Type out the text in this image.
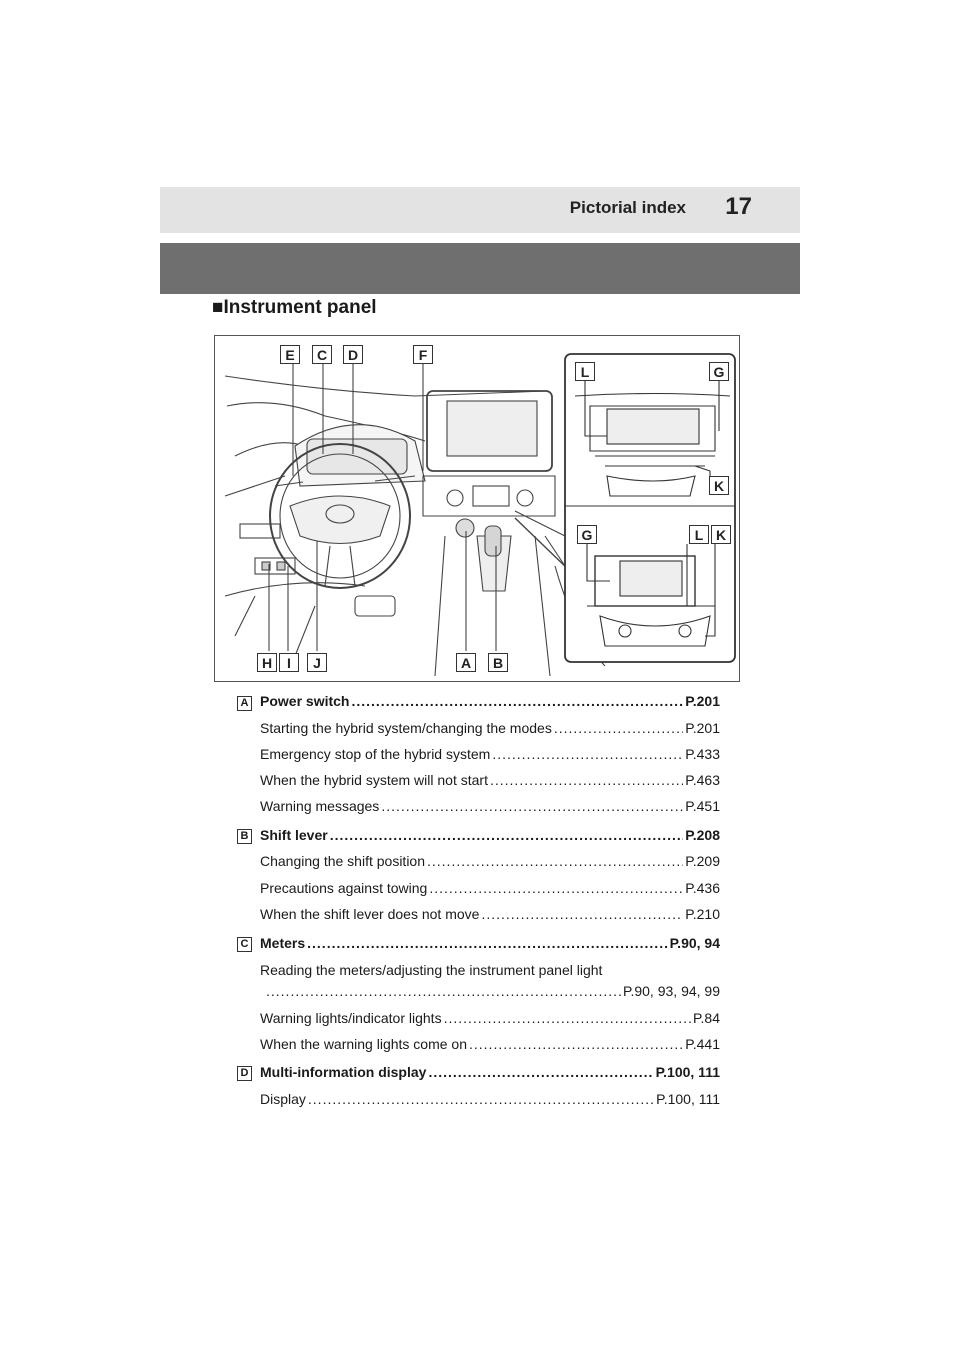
Pictorial index 17
■Instrument panel
E	C	D	F
H	I	J	A	B
L	G
K
G	L K
A Power switch .....	P.201
Starting the hybrid system/changing the modes .....	P.201
Emergency stop of the hybrid system .....	P.433
When the hybrid system will not start .....	P.463
Warning messages .....	P.451
B Shift lever .....	P.208
Changing the shift position .....	P.209
Precautions against towing .....	P.436
When the shift lever does not move .....	P.210
C Meters .....	P.90, 94
Reading the meters/adjusting the instrument panel light
.....
P.90, 93, 94, 99
Warning lights/indicator lights .....	P.84
When the warning lights come on .....	P.441
D Multi-information display .....	P.100, 111
Display .....	P.100, 111
